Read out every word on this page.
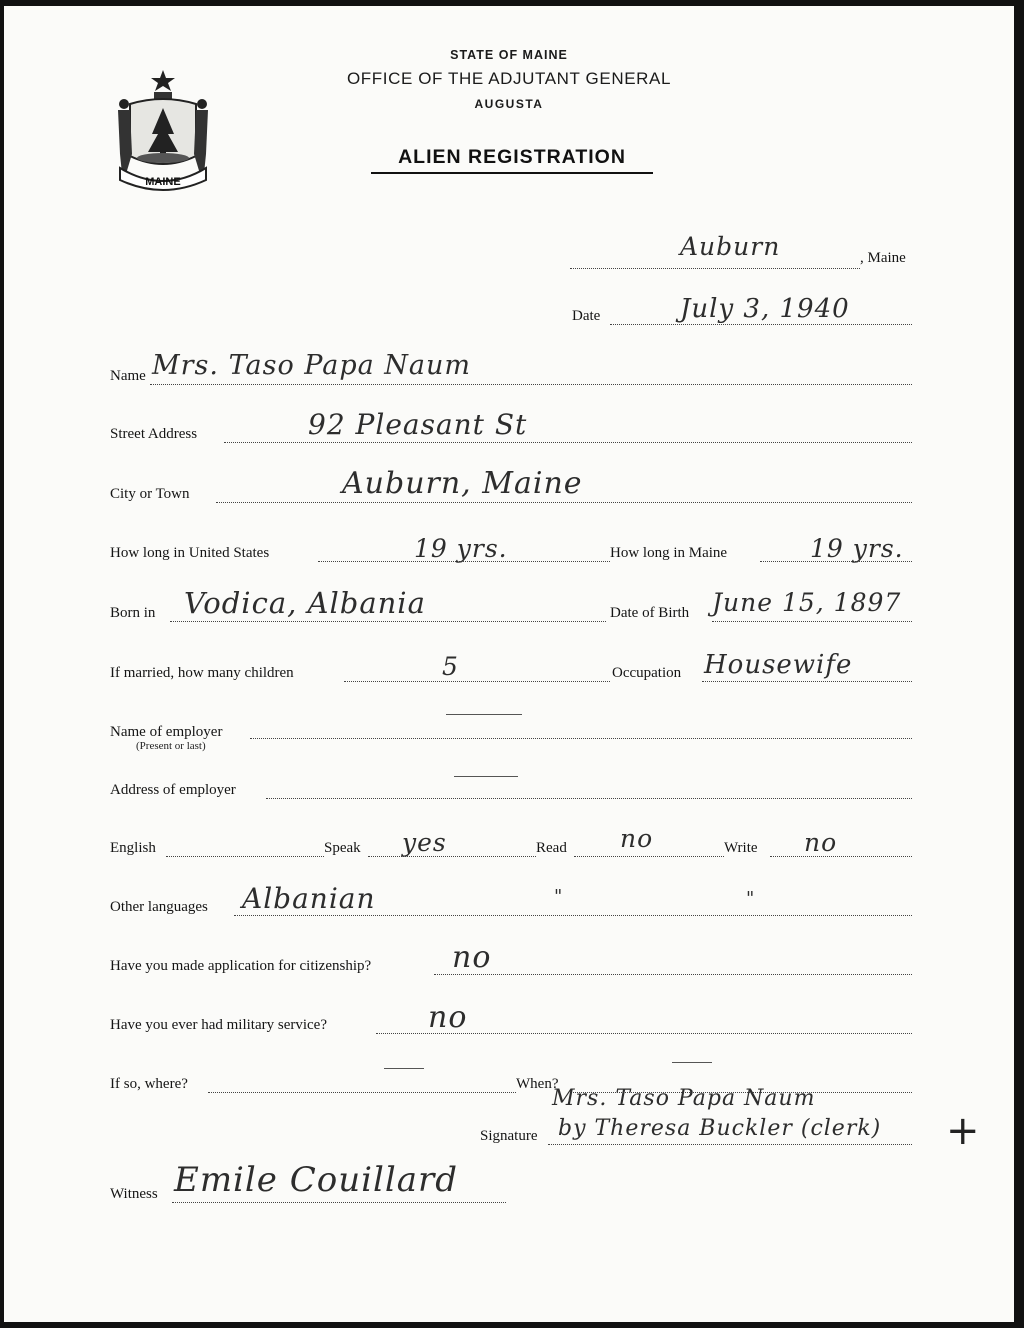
MAINE
STATE OF MAINE
OFFICE OF THE ADJUTANT GENERAL
AUGUSTA
ALIEN REGISTRATION
Auburn	, Maine
Date	July 3, 1940
Name Mrs. Taso Papa Naum
Street Address	92 Pleasant St
City or Town	Auburn, Maine
How long in United States	19 yrs.	How long in Maine	19 yrs.
Born in Vodica, Albania	Date of Birth June 15, 1897
If married, how many children	5	Occupation Housewife
Name of employer
(Present or last)
Address of employer
English	Speak yes	Read no	Write no
Other languages Albanian	"	"
Have you made application for citizenship?	no
Have you ever had military service?	no
If so, where?	When?
Mrs. Taso Papa Naum
Signature by Theresa Buckler (clerk) +
Witness Emile Couillard
